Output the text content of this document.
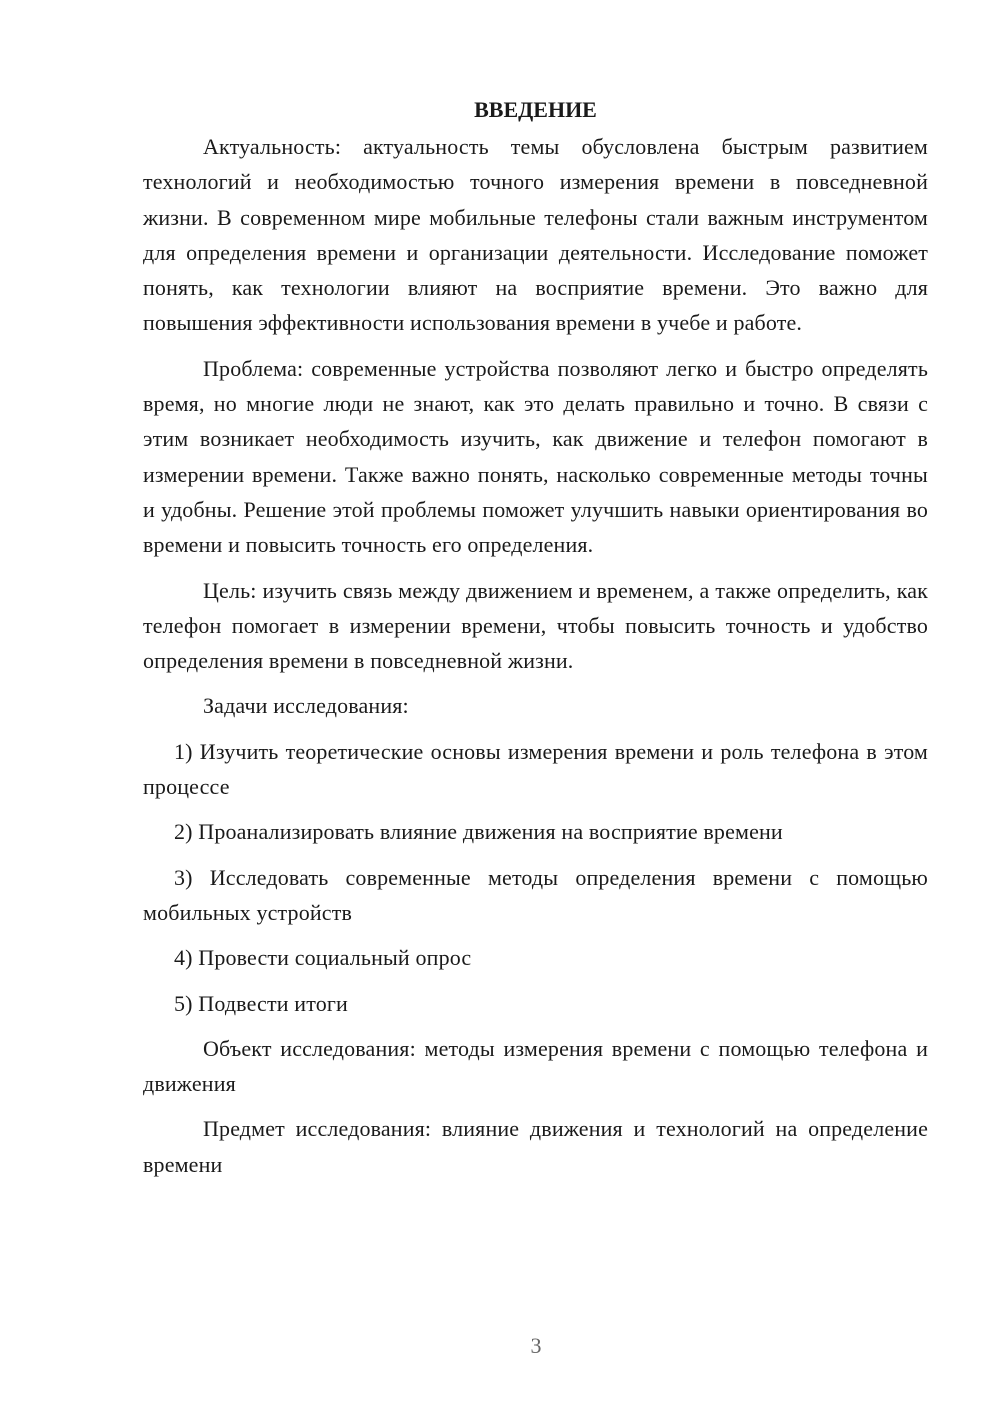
ВВЕДЕНИЕ

Актуальность: актуальность темы обусловлена быстрым развитием технологий и необходимостью точного измерения времени в повседневной жизни. В современном мире мобильные телефоны стали важным инструментом для определения времени и организации деятельности. Исследование поможет понять, как технологии влияют на восприятие времени. Это важно для повышения эффективности использования времени в учебе и работе.

Проблема: современные устройства позволяют легко и быстро определять время, но многие люди не знают, как это делать правильно и точно. В связи с этим возникает необходимость изучить, как движение и телефон помогают в измерении времени. Также важно понять, насколько современные методы точны и удобны. Решение этой проблемы поможет улучшить навыки ориентирования во времени и повысить точность его определения.

Цель: изучить связь между движением и временем, а также определить, как телефон помогает в измерении времени, чтобы повысить точность и удобство определения времени в повседневной жизни.

Задачи исследования:

1) Изучить теоретические основы измерения времени и роль телефона в этом процессе

2) Проанализировать влияние движения на восприятие времени

3) Исследовать современные методы определения времени с помощью мобильных устройств

4) Провести социальный опрос

5) Подвести итоги

Объект исследования: методы измерения времени с помощью телефона и движения

Предмет исследования: влияние движения и технологий на определение времени

3
